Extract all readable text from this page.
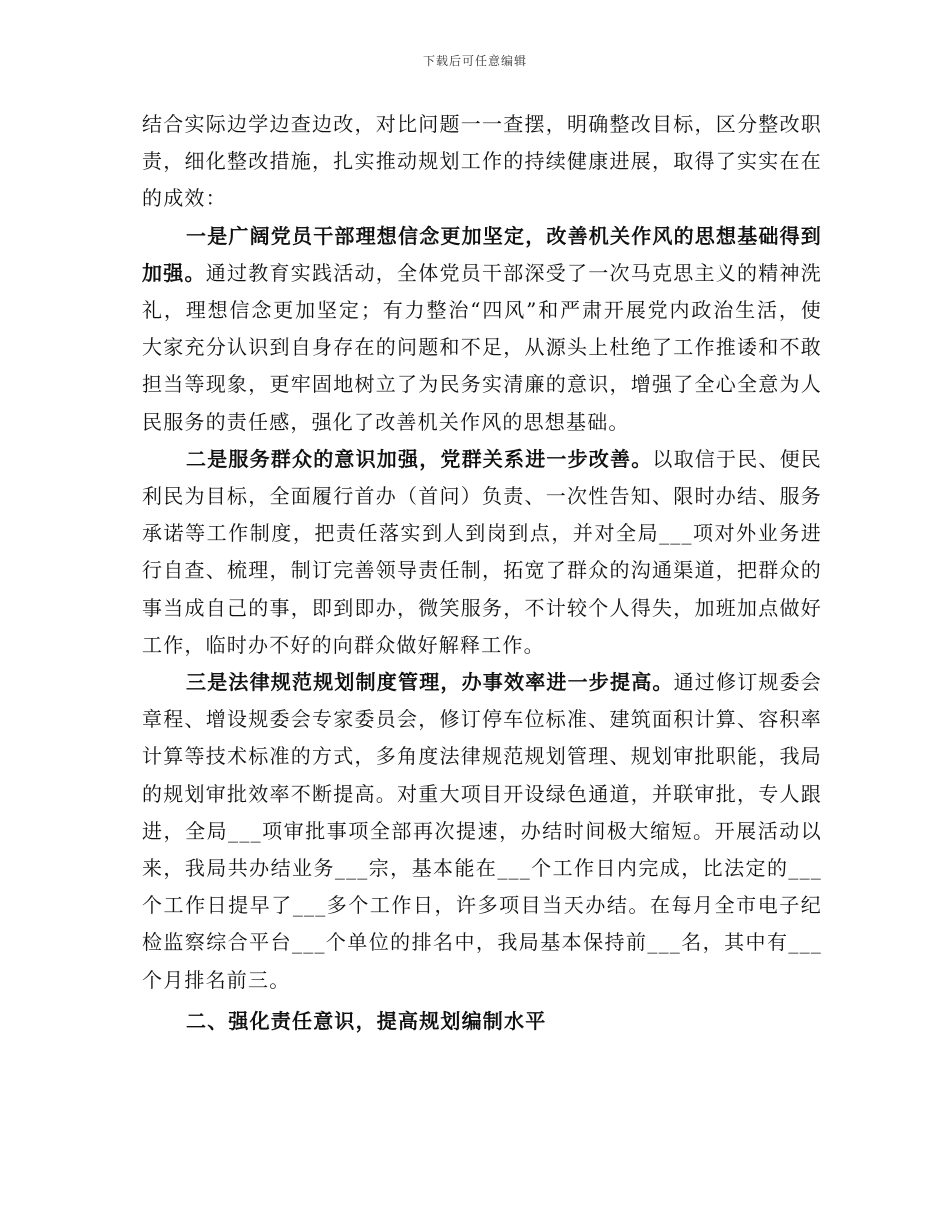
下载后可任意编辑

结合实际边学边查边改，对比问题一一查摆，明确整改目标，区分整改职责，细化整改措施，扎实推动规划工作的持续健康进展，取得了实实在在的成效：

一是广阔党员干部理想信念更加坚定，改善机关作风的思想基础得到加强。通过教育实践活动，全体党员干部深受了一次马克思主义的精神洗礼，理想信念更加坚定；有力整治“四风”和严肃开展党内政治生活，使大家充分认识到自身存在的问题和不足，从源头上杜绝了工作推诿和不敢担当等现象，更牢固地树立了为民务实清廉的意识，增强了全心全意为人民服务的责任感，强化了改善机关作风的思想基础。

二是服务群众的意识加强，党群关系进一步改善。以取信于民、便民利民为目标，全面履行首办（首问）负责、一次性告知、限时办结、服务承诺等工作制度，把责任落实到人到岗到点，并对全局___项对外业务进行自查、梳理，制订完善领导责任制，拓宽了群众的沟通渠道，把群众的事当成自己的事，即到即办，微笑服务，不计较个人得失，加班加点做好工作，临时办不好的向群众做好解释工作。

三是法律规范规划制度管理，办事效率进一步提高。通过修订规委会章程、增设规委会专家委员会，修订停车位标准、建筑面积计算、容积率计算等技术标准的方式，多角度法律规范规划管理、规划审批职能，我局的规划审批效率不断提高。对重大项目开设绿色通道，并联审批，专人跟进，全局___项审批事项全部再次提速，办结时间极大缩短。开展活动以来，我局共办结业务___宗，基本能在___个工作日内完成，比法定的___个工作日提早了___多个工作日，许多项目当天办结。在每月全市电子纪检监察综合平台___个单位的排名中，我局基本保持前___名，其中有___个月排名前三。

二、强化责任意识，提高规划编制水平
